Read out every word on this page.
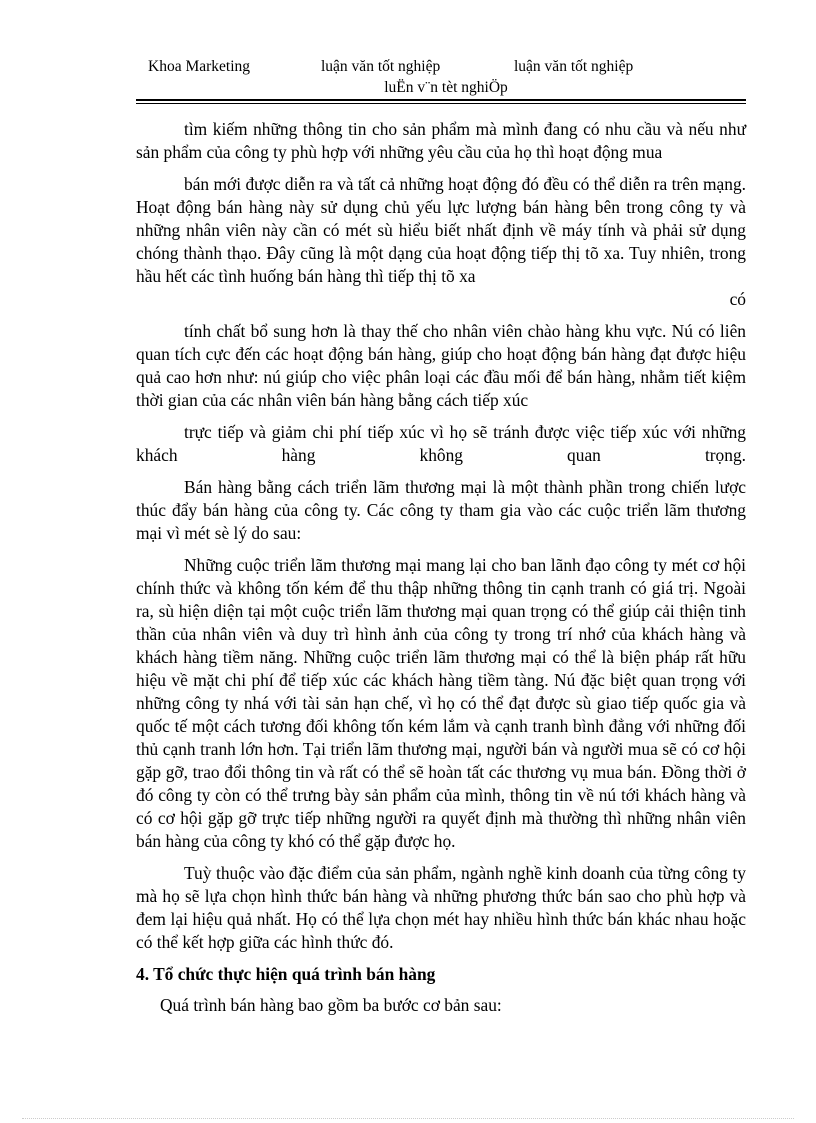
Khoa Marketing	luận văn tốt nghiệp	luận văn tốt nghiệp
luËn v¨n tèt nghiÖp

tìm kiếm những thông tin cho sản phẩm mà mình đang có nhu cầu và nếu như sản phẩm của công ty phù hợp với những yêu cầu của họ thì hoạt động mua

bán mới được diễn ra và tất cả những hoạt động đó đều có thể diễn ra trên mạng. Hoạt động bán hàng này sử dụng chủ yếu lực lượng bán hàng bên trong công ty và những nhân viên này cần có mét sù hiểu biết nhất định về máy tính và phải sử dụng chóng thành thạo. Đây cũng là một dạng của hoạt động tiếp thị tõ xa. Tuy nhiên, trong hầu hết các tình huống bán hàng thì tiếp thị tõ xa

có

tính chất bổ sung hơn là thay thế cho nhân viên chào hàng khu vực. Nú có liên quan tích cực đến các hoạt động bán hàng, giúp cho hoạt động bán hàng đạt được hiệu quả cao hơn như: nú giúp cho việc phân loại các đầu mối để bán hàng, nhằm tiết kiệm thời gian của các nhân viên bán hàng bằng cách tiếp xúc

trực tiếp và giảm chi phí tiếp xúc vì họ sẽ tránh được việc tiếp xúc với những khách hàng không quan trọng.

Bán hàng bằng cách triển lãm thương mại là một thành phần trong chiến lược thúc đẩy bán hàng của công ty. Các công ty tham gia vào các cuộc triển lãm thương mại vì mét sè lý do sau:

Những cuộc triển lãm thương mại mang lại cho ban lãnh đạo công ty mét cơ hội chính thức và không tốn kém để thu thập những thông tin cạnh tranh có giá trị. Ngoài ra, sù hiện diện tại một cuộc triển lãm thương mại quan trọng có thể giúp cải thiện tinh thần của nhân viên và duy trì hình ảnh của công ty trong trí nhớ của khách hàng và khách hàng tiềm năng. Những cuộc triển lãm thương mại có thể là biện pháp rất hữu hiệu về mặt chi phí để tiếp xúc các khách hàng tiềm tàng. Nú đặc biệt quan trọng với những công ty nhá với tài sản hạn chế, vì họ có thể đạt được sù giao tiếp quốc gia và quốc tế một cách tương đối không tốn kém lắm và cạnh tranh bình đẳng với những đối thủ cạnh tranh lớn hơn. Tại triển lãm thương mại, người bán và người mua sẽ có cơ hội gặp gỡ, trao đổi thông tin và rất có thể sẽ hoàn tất các thương vụ mua bán. Đồng thời ở đó công ty còn có thể trưng bày sản phẩm của mình, thông tin về nú tới khách hàng và có cơ hội gặp gỡ trực tiếp những người ra quyết định mà thường thì những nhân viên bán hàng của công ty khó có thể gặp được họ.

Tuỳ thuộc vào đặc điểm của sản phẩm, ngành nghề kinh doanh của từng công ty mà họ sẽ lựa chọn hình thức bán hàng và những phương thức bán sao cho phù hợp và đem lại hiệu quả nhất. Họ có thể lựa chọn mét hay nhiều hình thức bán khác nhau hoặc có thể kết hợp giữa các hình thức đó.

4. Tổ chức thực hiện quá trình bán hàng

Quá trình bán hàng bao gồm ba bước cơ bản sau:
